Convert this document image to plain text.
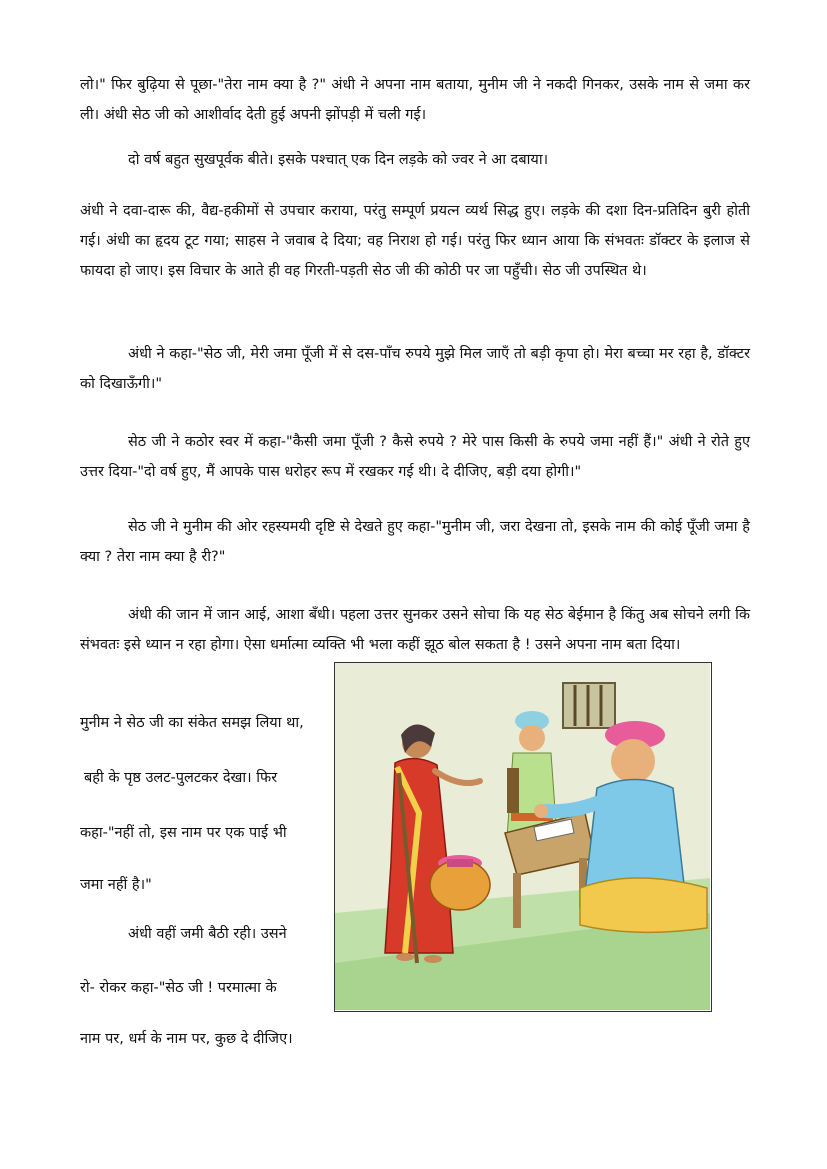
लो।" फिर बुढ़िया से पूछा-"तेरा नाम क्या है ?" अंधी ने अपना नाम बताया, मुनीम जी ने नकदी गिनकर, उसके नाम से जमा कर ली। अंधी सेठ जी को आशीर्वाद देती हुई अपनी झोंपड़ी में चली गई।

दो वर्ष बहुत सुखपूर्वक बीते। इसके पश्चात् एक दिन लड़के को ज्वर ने आ दबाया।

अंधी ने दवा-दारू की, वैद्य-हकीमों से उपचार कराया, परंतु सम्पूर्ण प्रयत्न व्यर्थ सिद्ध हुए। लड़के की दशा दिन-प्रतिदिन बुरी होती गई। अंधी का हृदय टूट गया; साहस ने जवाब दे दिया; वह निराश हो गई। परंतु फिर ध्यान आया कि संभवतः डॉक्टर के इलाज से फायदा हो जाए। इस विचार के आते ही वह गिरती-पड़ती सेठ जी की कोठी पर जा पहुँची। सेठ जी उपस्थित थे।

अंधी ने कहा-"सेठ जी, मेरी जमा पूँजी में से दस-पाँच रुपये मुझे मिल जाएँ तो बड़ी कृपा हो। मेरा बच्चा मर रहा है, डॉक्टर को दिखाऊँगी।"

सेठ जी ने कठोर स्वर में कहा-"कैसी जमा पूँजी ? कैसे रुपये ? मेरे पास किसी के रुपये जमा नहीं हैं।" अंधी ने रोते हुए उत्तर दिया-"दो वर्ष हुए, मैं आपके पास धरोहर रूप में रखकर गई थी। दे दीजिए, बड़ी दया होगी।"

सेठ जी ने मुनीम की ओर रहस्यमयी दृष्टि से देखते हुए कहा-"मुनीम जी, जरा देखना तो, इसके नाम की कोई पूँजी जमा है क्या ? तेरा नाम क्या है री?"

अंधी की जान में जान आई, आशा बँधी। पहला उत्तर सुनकर उसने सोचा कि यह सेठ बेईमान है किंतु अब सोचने लगी कि संभवतः इसे ध्यान न रहा होगा। ऐसा धर्मात्मा व्यक्ति भी भला कहीं झूठ बोल सकता है ! उसने अपना नाम बता दिया।

मुनीम ने सेठ जी का संकेत समझ लिया था,
बही के पृष्ठ उलट-पुलटकर देखा। फिर
कहा-"नहीं तो, इस नाम पर एक पाई भी
जमा नहीं है।"
अंधी वहीं जमी बैठी रही। उसने
रो- रोकर कहा-"सेठ जी ! परमात्मा के
नाम पर, धर्म के नाम पर, कुछ दे दीजिए।
